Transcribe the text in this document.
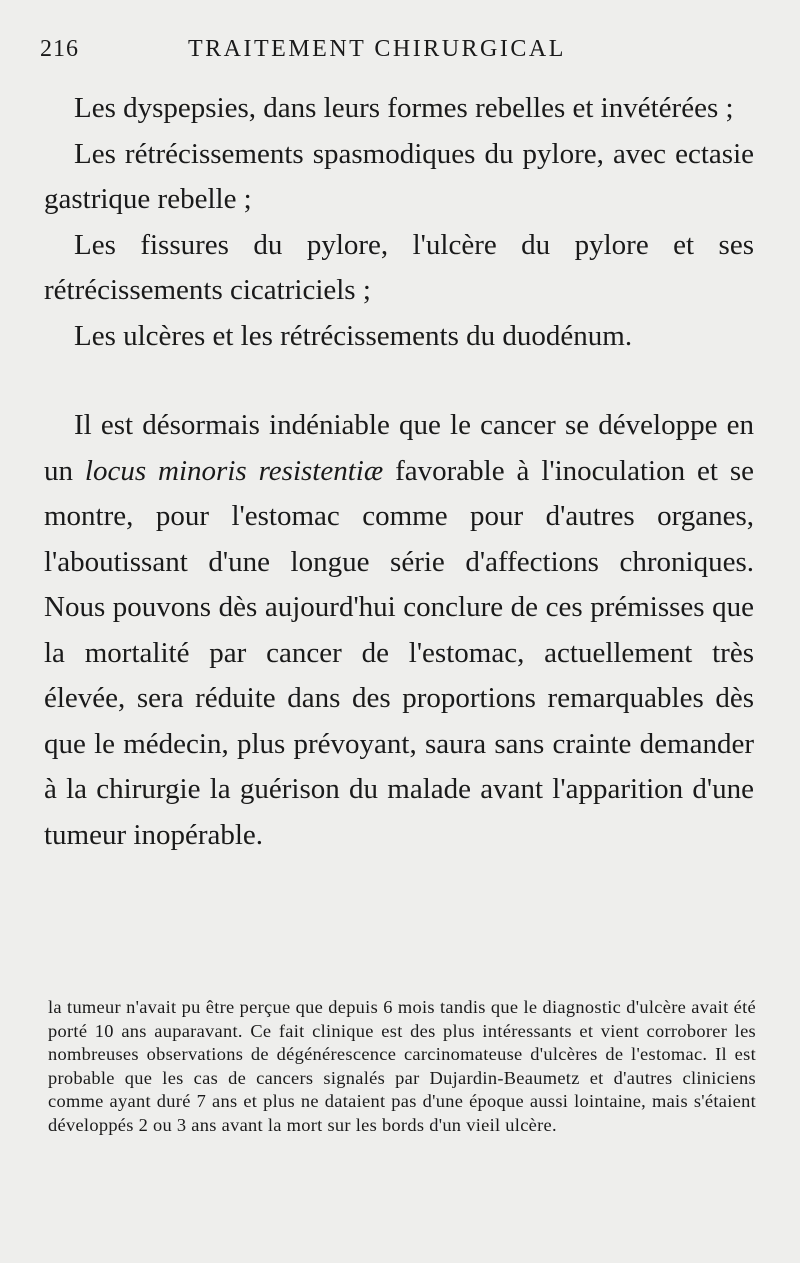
216	TRAITEMENT CHIRURGICAL

Les dyspepsies, dans leurs formes rebelles et invétérées ;

Les rétrécissements spasmodiques du pylore, avec ectasie gastrique rebelle ;

Les fissures du pylore, l'ulcère du pylore et ses rétrécissements cicatriciels ;

Les ulcères et les rétrécissements du duodénum.

Il est désormais indéniable que le cancer se développe en un locus minoris resistentiæ favorable à l'inoculation et se montre, pour l'estomac comme pour d'autres organes, l'aboutissant d'une longue série d'affections chroniques. Nous pouvons dès aujourd'hui conclure de ces prémisses que la mortalité par cancer de l'estomac, actuellement très élevée, sera réduite dans des proportions remarquables dès que le médecin, plus prévoyant, saura sans crainte demander à la chirurgie la guérison du malade avant l'apparition d'une tumeur inopérable.

la tumeur n'avait pu être perçue que depuis 6 mois tandis que le diagnostic d'ulcère avait été porté 10 ans auparavant. Ce fait clinique est des plus intéressants et vient corroborer les nombreuses observations de dégénérescence carcinomateuse d'ulcères de l'estomac. Il est probable que les cas de cancers signalés par Dujardin-Beaumetz et d'autres cliniciens comme ayant duré 7 ans et plus ne dataient pas d'une époque aussi lointaine, mais s'étaient développés 2 ou 3 ans avant la mort sur les bords d'un vieil ulcère.
